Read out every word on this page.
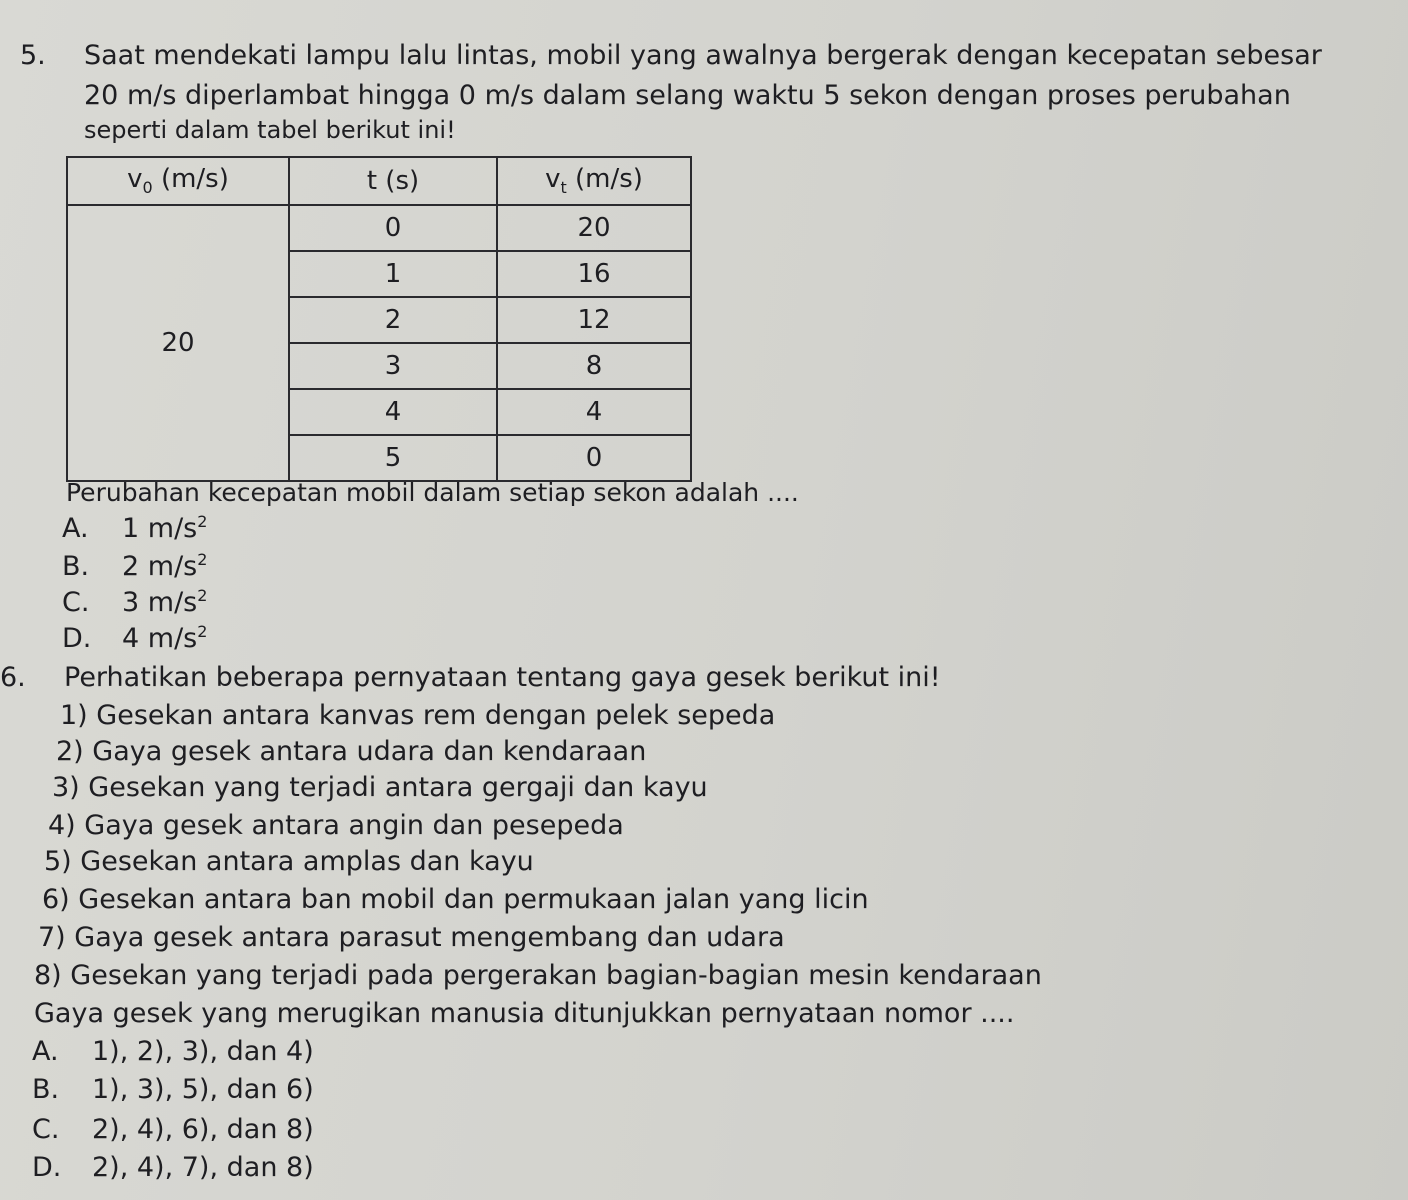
5. Saat mendekati lampu lalu lintas, mobil yang awalnya bergerak dengan kecepatan sebesar
20 m/s diperlambat hingga 0 m/s dalam selang waktu 5 sekon dengan proses perubahan
seperti dalam tabel berikut ini!
$v_0$ (m/s)	t (s)	$v_t$ (m/s)
20	0	20
	1	16
	2	12
	3	8
	4	4
	5	0
Perubahan kecepatan mobil dalam setiap sekon adalah ....
A. 1 $m/s^2$
B. 2 $m/s^2$
C. 3 $m/s^2$
D. 4 $m/s^2$
6. Perhatikan beberapa pernyataan tentang gaya gesek berikut ini!
1) Gesekan antara kanvas rem dengan pelek sepeda
2) Gaya gesek antara udara dan kendaraan
3) Gesekan yang terjadi antara gergaji dan kayu
4) Gaya gesek antara angin dan pesepeda
5) Gesekan antara amplas dan kayu
6) Gesekan antara ban mobil dan permukaan jalan yang licin
7) Gaya gesek antara parasut mengembang dan udara
8) Gesekan yang terjadi pada pergerakan bagian-bagian mesin kendaraan
Gaya gesek yang merugikan manusia ditunjukkan pernyataan nomor ....
A. 1), 2), 3), dan 4)
B. 1), 3), 5), dan 6)
C. 2), 4), 6), dan 8)
D. 2), 4), 7), dan 8)
